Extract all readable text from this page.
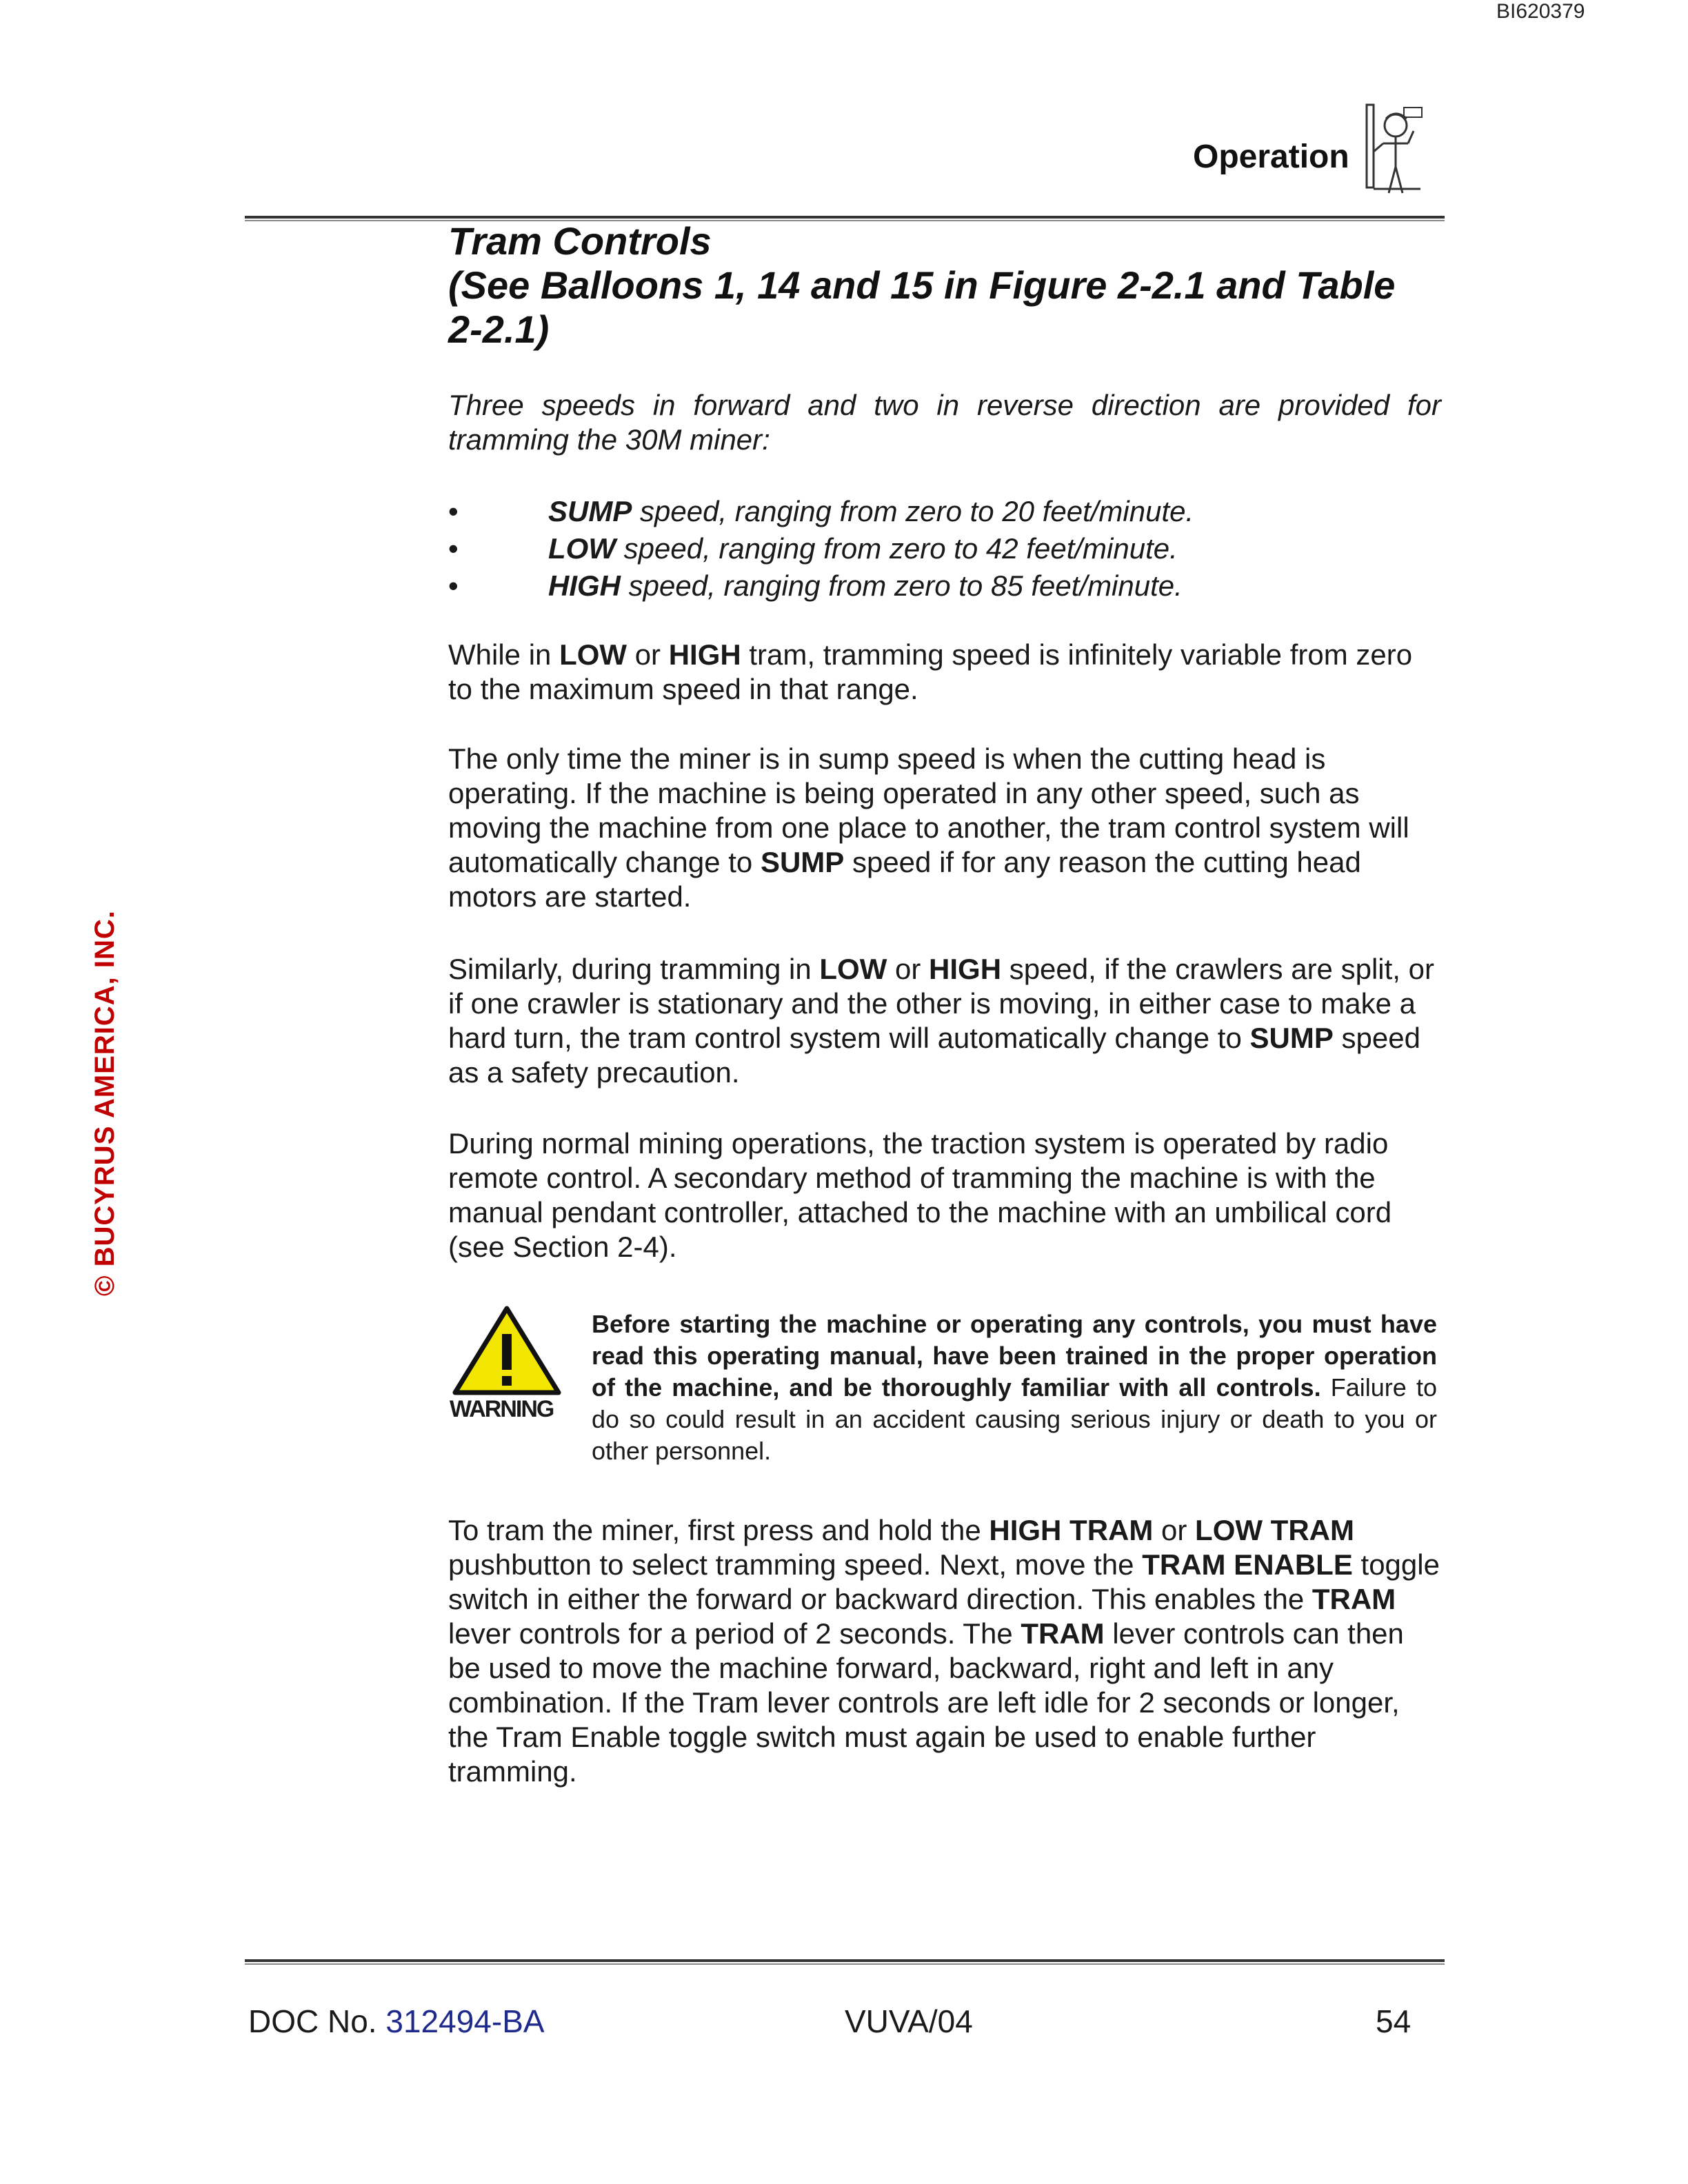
BI620379
Operation
Tram Controls
(See Balloons 1, 14 and 15 in Figure 2-2.1 and Table
2-2.1)
Three speeds in forward and two in reverse direction are provided for tramming the 30M miner:
•	SUMP speed, ranging from zero to 20 feet/minute.
•	LOW speed, ranging from zero to 42 feet/minute.
•	HIGH speed, ranging from zero to 85 feet/minute.

While in LOW or HIGH tram, tramming speed is infinitely variable from zero to the maximum speed in that range.

The only time the miner is in sump speed is when the cutting head is operating. If the machine is being operated in any other speed, such as moving the machine from one place to another, the tram control system will automatically change to SUMP speed if for any reason the cutting head motors are started.

Similarly, during tramming in LOW or HIGH speed, if the crawlers are split, or if one crawler is stationary and the other is moving, in either case to make a hard turn, the tram control system will automatically change to SUMP speed as a safety precaution.

During normal mining operations, the traction system is operated by radio remote control. A secondary method of tramming the machine is with the manual pendant controller, attached to the machine with an umbilical cord (see Section 2-4).

WARNING
Before starting the machine or operating any controls, you must have read this operating manual, have been trained in the proper operation of the machine, and be thoroughly familiar with all controls. Failure to do so could result in an accident causing serious injury or death to you or other personnel.

To tram the miner, first press and hold the HIGH TRAM or LOW TRAM pushbutton to select tramming speed. Next, move the TRAM ENABLE toggle switch in either the forward or backward direction. This enables the TRAM lever controls for a period of 2 seconds. The TRAM lever controls can then be used to move the machine forward, backward, right and left in any combination. If the Tram lever controls are left idle for 2 seconds or longer, the Tram Enable toggle switch must again be used to enable further tramming.

© BUCYRUS AMERICA, INC.
DOC No. 312494-BA	VUVA/04	54
